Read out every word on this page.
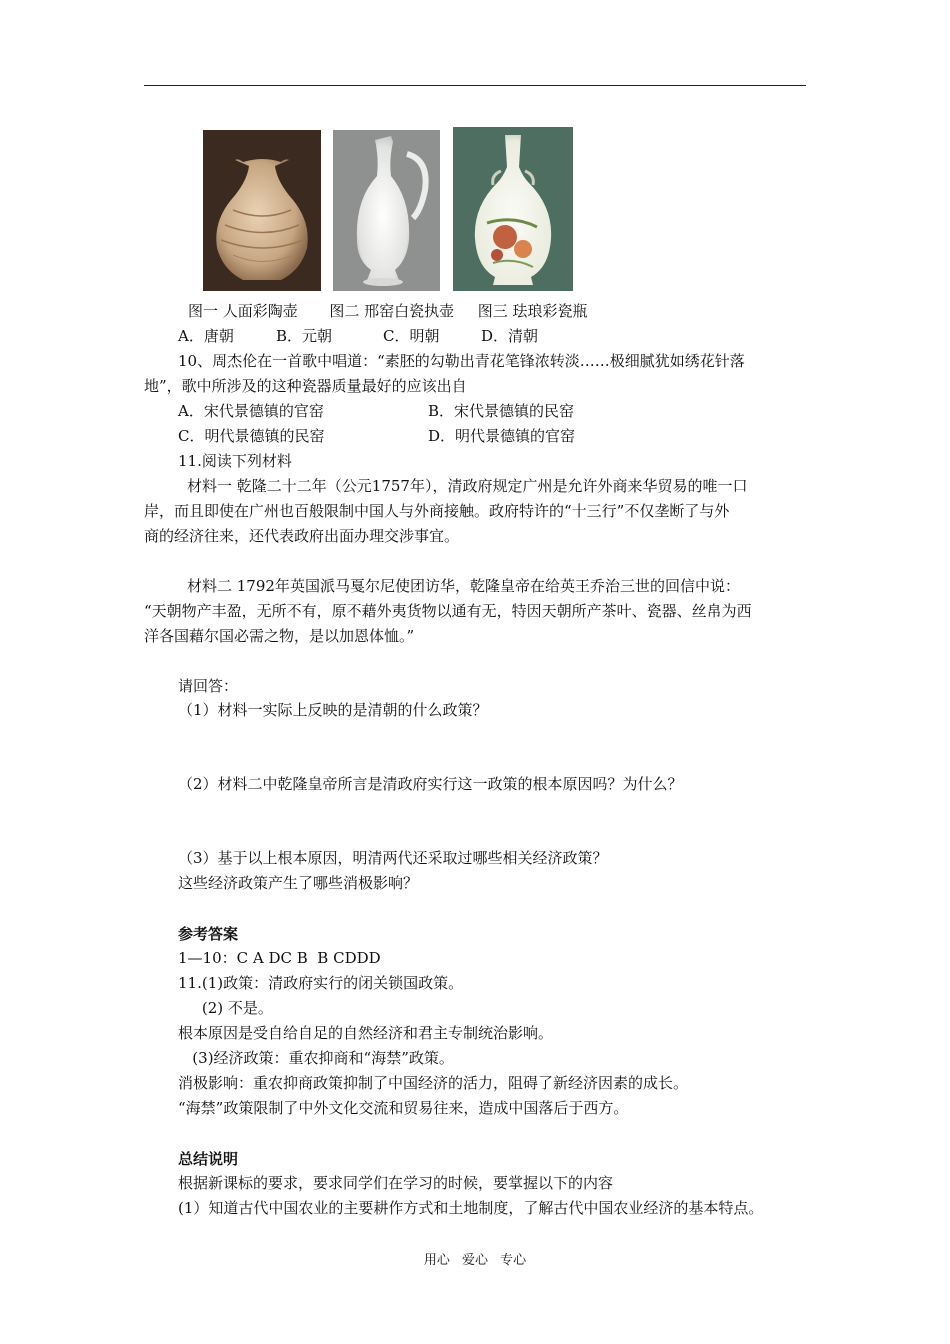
图一 人面彩陶壶 图二 邢窑白瓷执壶 图三 珐琅彩瓷瓶
A．唐朝	B．元朝	C．明朝	D．清朝
10、周杰伦在一首歌中唱道：“素胚的勾勒出青花笔锋浓转淡……极细腻犹如绣花针落
地”，歌中所涉及的这种瓷器质量最好的应该出自
A．宋代景德镇的官窑	B．宋代景德镇的民窑
C．明代景德镇的民窑	D．明代景德镇的官窑
11.阅读下列材料
材料一 乾隆二十二年（公元1757年），清政府规定广州是允许外商来华贸易的唯一口
岸，而且即使在广州也百般限制中国人与外商接触。政府特许的“十三行”不仅垄断了与外
商的经济往来，还代表政府出面办理交涉事宜。
材料二 1792年英国派马戛尔尼使团访华，乾隆皇帝在给英王乔治三世的回信中说：
“天朝物产丰盈，无所不有，原不藉外夷货物以通有无，特因天朝所产茶叶、瓷器、丝帛为西
洋各国藉尔国必需之物，是以加恩体恤。”
请回答：
（1）材料一实际上反映的是清朝的什么政策？
（2）材料二中乾隆皇帝所言是清政府实行这一政策的根本原因吗？为什么？
（3）基于以上根本原因，明清两代还采取过哪些相关经济政策？
这些经济政策产生了哪些消极影响？
参考答案
1—10：C A DC B  B CDDD
11.(1)政策：清政府实行的闭关锁国政策。
(2) 不是。
根本原因是受自给自足的自然经济和君主专制统治影响。
(3)经济政策：重农抑商和“海禁”政策。
消极影响：重农抑商政策抑制了中国经济的活力，阻碍了新经济因素的成长。
“海禁”政策限制了中外文化交流和贸易往来，造成中国落后于西方。
总结说明
根据新课标的要求，要求同学们在学习的时候，要掌握以下的内容
(1）知道古代中国农业的主要耕作方式和土地制度，了解古代中国农业经济的基本特点。
用心 爱心 专心
